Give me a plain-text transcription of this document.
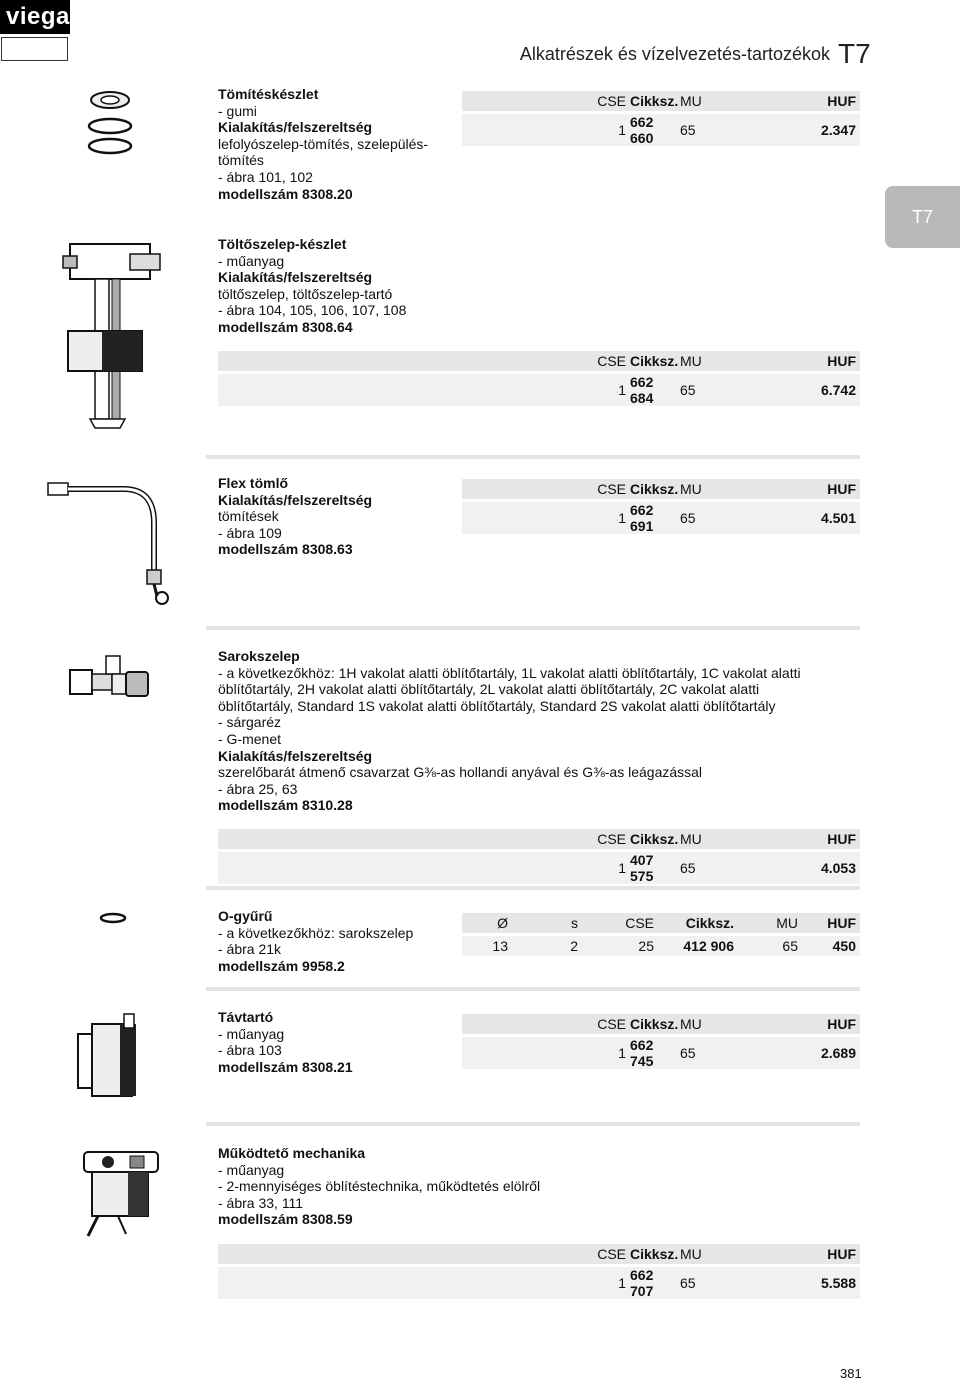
viega
Alkatrészek és vízelvezetés-tartozékok T7
T7
Tömítéskészlet
- gumi
Kialakítás/felszereltség
lefolyószelep-tömítés, szelepülés-
tömítés
- ábra 101, 102
modellszám 8308.20
	CSE	Cikksz.	MU		HUF

	1	662 660	65		2.347
Töltőszelep-készlet
- műanyag
Kialakítás/felszereltség
töltőszelep, töltőszelep-tartó
- ábra 104, 105, 106, 107, 108
modellszám 8308.64
	CSE	Cikksz.	MU		HUF

	1	662 684	65		6.742
Flex tömlő
Kialakítás/felszereltség
tömítések
- ábra 109
modellszám 8308.63
	CSE	Cikksz.	MU		HUF

	1	662 691	65		4.501
Sarokszelep
- a következőkhöz: 1H vakolat alatti öblítőtartály, 1L vakolat alatti öblítőtartály, 1C vakolat alatti öblítőtartály, 2H vakolat alatti öblítőtartály, 2L vakolat alatti öblítőtartály, 2C vakolat alatti öblítőtartály, Standard 1S vakolat alatti öblítőtartály, Standard 2S vakolat alatti öblítőtartály
- sárgaréz
- G-menet
Kialakítás/felszereltség
szerelőbarát átmenő csavarzat G⅜-as hollandi anyával és G⅜-as leágazással
- ábra 25, 63
modellszám 8310.28
	CSE	Cikksz.	MU		HUF

	1	407 575	65		4.053
O-gyűrű
- a következőkhöz: sarokszelep
- ábra 21k
modellszám 9958.2
Ø	s	CSE	Cikksz.	MU	HUF

13	2	25	412 906	65	450
Távtartó
- műanyag
- ábra 103
modellszám 8308.21
	CSE	Cikksz.	MU		HUF

	1	662 745	65		2.689
Működtető mechanika
- műanyag
- 2-mennyiséges öblítéstechnika, működtetés elölről
- ábra 33, 111
modellszám 8308.59
	CSE	Cikksz.	MU		HUF

	1	662 707	65		5.588
381
